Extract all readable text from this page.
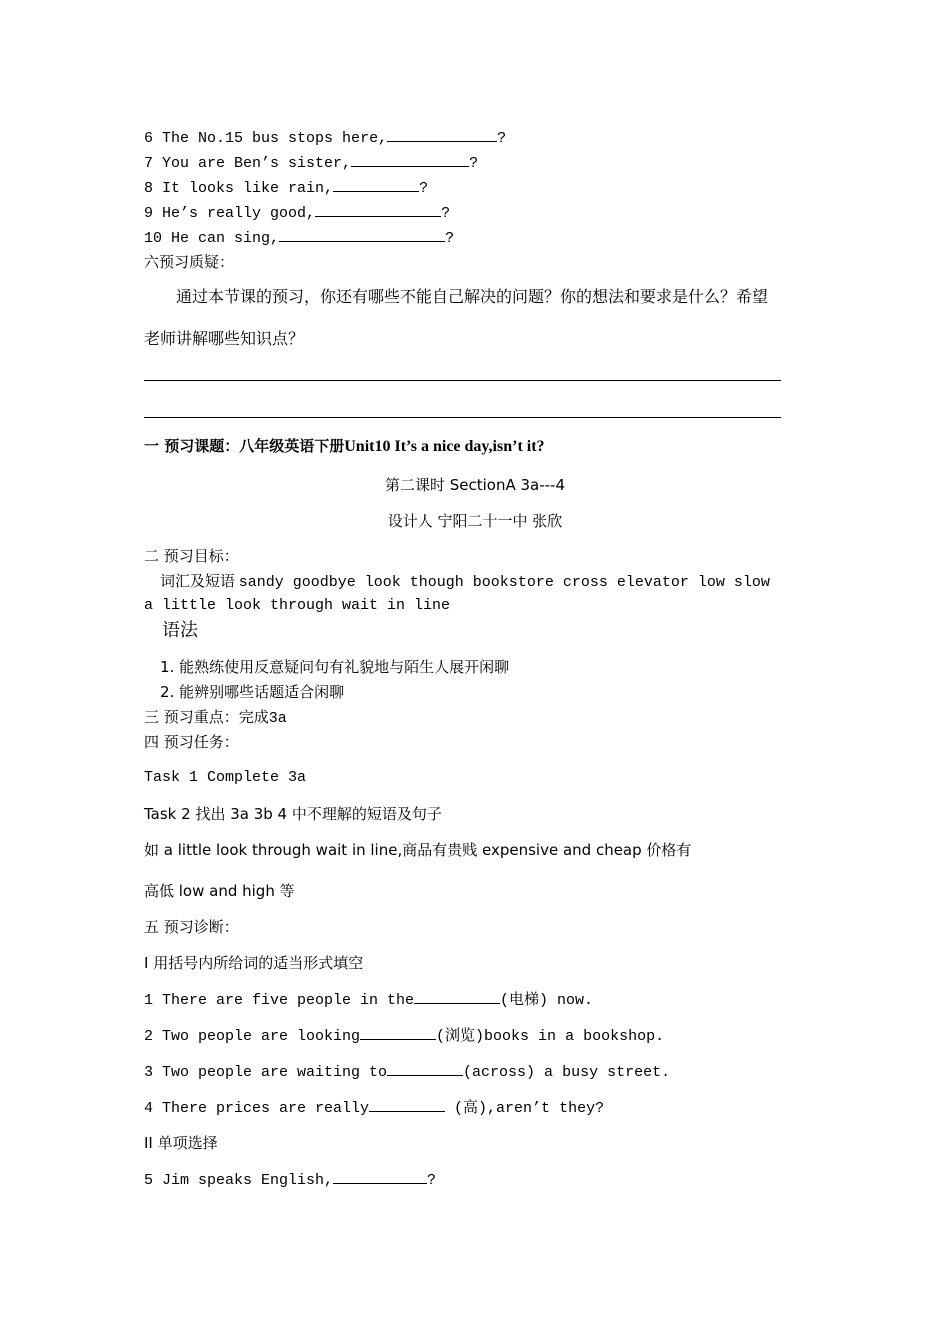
6 The No.15 bus stops here,	?
7 You are Ben’s sister,	?
8 It looks like rain,	?
9 He’s really good,	?
10 He can sing,	?
六预习质疑：
通过本节课的预习，你还有哪些不能自己解决的问题？你的想法和要求是什么？希望
老师讲解哪些知识点？
一 预习课题：八年级英语下册Unit10 It’s a nice day,isn’t it?
第二课时 SectionA 3a---4
设计人 宁阳二十一中 张欣
二 预习目标：
词汇及短语 sandy goodbye look though bookstore cross elevator low slow
a little look through wait in line
语法
1. 能熟练使用反意疑问句有礼貌地与陌生人展开闲聊
2. 能辨别哪些话题适合闲聊
三 预习重点：完成3a
四 预习任务：
Task 1 Complete 3a
Task 2 找出 3a 3b 4 中不理解的短语及句子
如 a little look through wait in line,商品有贵贱 expensive and cheap 价格有
高低 low and high 等
五 预习诊断：
I 用括号内所给词的适当形式填空
1 There are five people in the	(电梯) now.
2 Two people are looking	(浏览)books in a bookshop.
3 Two people are waiting to	(across) a busy street.
4 There prices are really	(高),aren’t they?
II 单项选择
5 Jim speaks English,	?
